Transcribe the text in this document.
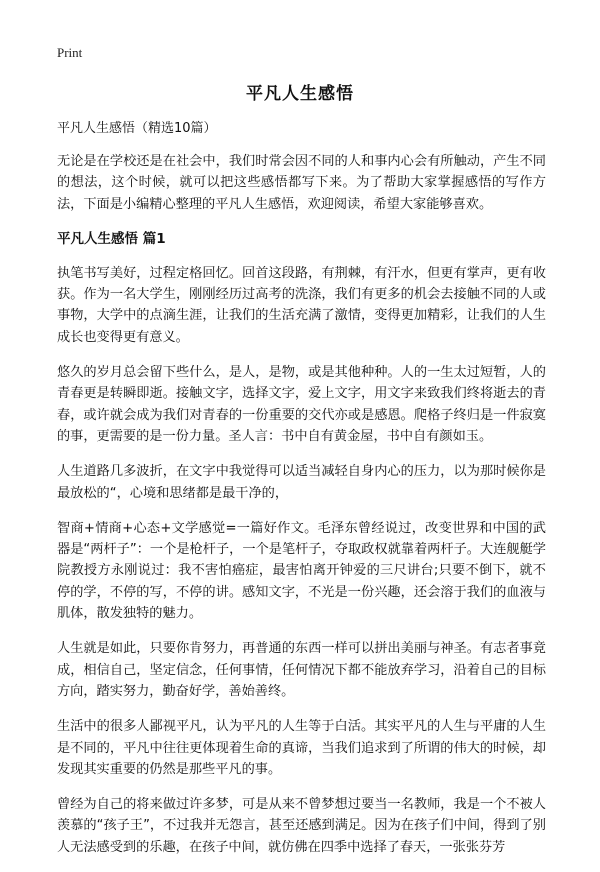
Print
平凡人生感悟

平凡人生感悟（精选10篇）

无论是在学校还是在社会中，我们时常会因不同的人和事内心会有所触动，产生不同的想法，这个时候，就可以把这些感悟都写下来。为了帮助大家掌握感悟的写作方法，下面是小编精心整理的平凡人生感悟，欢迎阅读，希望大家能够喜欢。

平凡人生感悟 篇1

执笔书写美好，过程定格回忆。回首这段路，有荆棘，有汗水，但更有掌声，更有收获。作为一名大学生，刚刚经历过高考的洗涤，我们有更多的机会去接触不同的人或事物，大学中的点滴生涯，让我们的生活充满了激情，变得更加精彩，让我们的人生成长也变得更有意义。

悠久的岁月总会留下些什么，是人，是物，或是其他种种。人的一生太过短暂，人的青春更是转瞬即逝。接触文字，选择文字，爱上文字，用文字来致我们终将逝去的青春，或许就会成为我们对青春的一份重要的交代亦或是感恩。爬格子终归是一件寂寞的事，更需要的是一份力量。圣人言：书中自有黄金屋，书中自有颜如玉。

人生道路几多波折，在文字中我觉得可以适当减轻自身内心的压力，以为那时候你是最放松的“，心境和思绪都是最干净的，

智商+情商+心态+文学感觉=一篇好作文。毛泽东曾经说过，改变世界和中国的武器是“两杆子”：一个是枪杆子，一个是笔杆子，夺取政权就靠着两杆子。大连舰艇学院教授方永刚说过：我不害怕癌症，最害怕离开钟爱的三尺讲台;只要不倒下，就不停的学，不停的写，不停的讲。感知文字，不光是一份兴趣，还会溶于我们的血液与肌体，散发独特的魅力。

人生就是如此，只要你肯努力，再普通的东西一样可以拼出美丽与神圣。有志者事竟成，相信自己，坚定信念，任何事情，任何情况下都不能放弃学习，沿着自己的目标方向，踏实努力，勤奋好学，善始善终。

生活中的很多人鄙视平凡，认为平凡的人生等于白活。其实平凡的人生与平庸的人生是不同的，平凡中往往更体现着生命的真谛，当我们追求到了所谓的伟大的时候，却发现其实重要的仍然是那些平凡的事。

曾经为自己的将来做过许多梦，可是从来不曾梦想过要当一名教师，我是一个不被人羡慕的“孩子王”，不过我并无怨言，甚至还感到满足。因为在孩子们中间，得到了别人无法感受到的乐趣，在孩子中间，就仿佛在四季中选择了春天，一张张芬芳
